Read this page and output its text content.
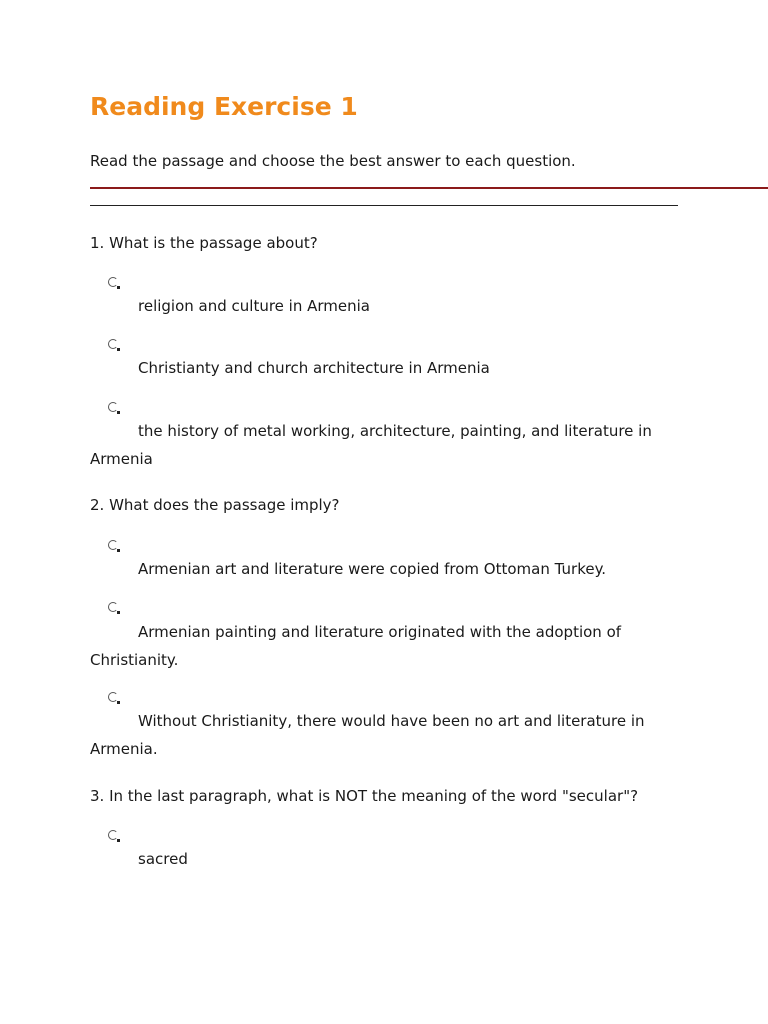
Reading Exercise 1
Read the passage and choose the best answer to each question.
1. What is the passage about?
religion and culture in Armenia
Christianty and church architecture in Armenia
the history of metal working, architecture, painting, and literature in Armenia
2. What does the passage imply?
Armenian art and literature were copied from Ottoman Turkey.
Armenian painting and literature originated with the adoption of Christianity.
Without Christianity, there would have been no art and literature in Armenia.
3. In the last paragraph, what is NOT the meaning of the word "secular"?
sacred
